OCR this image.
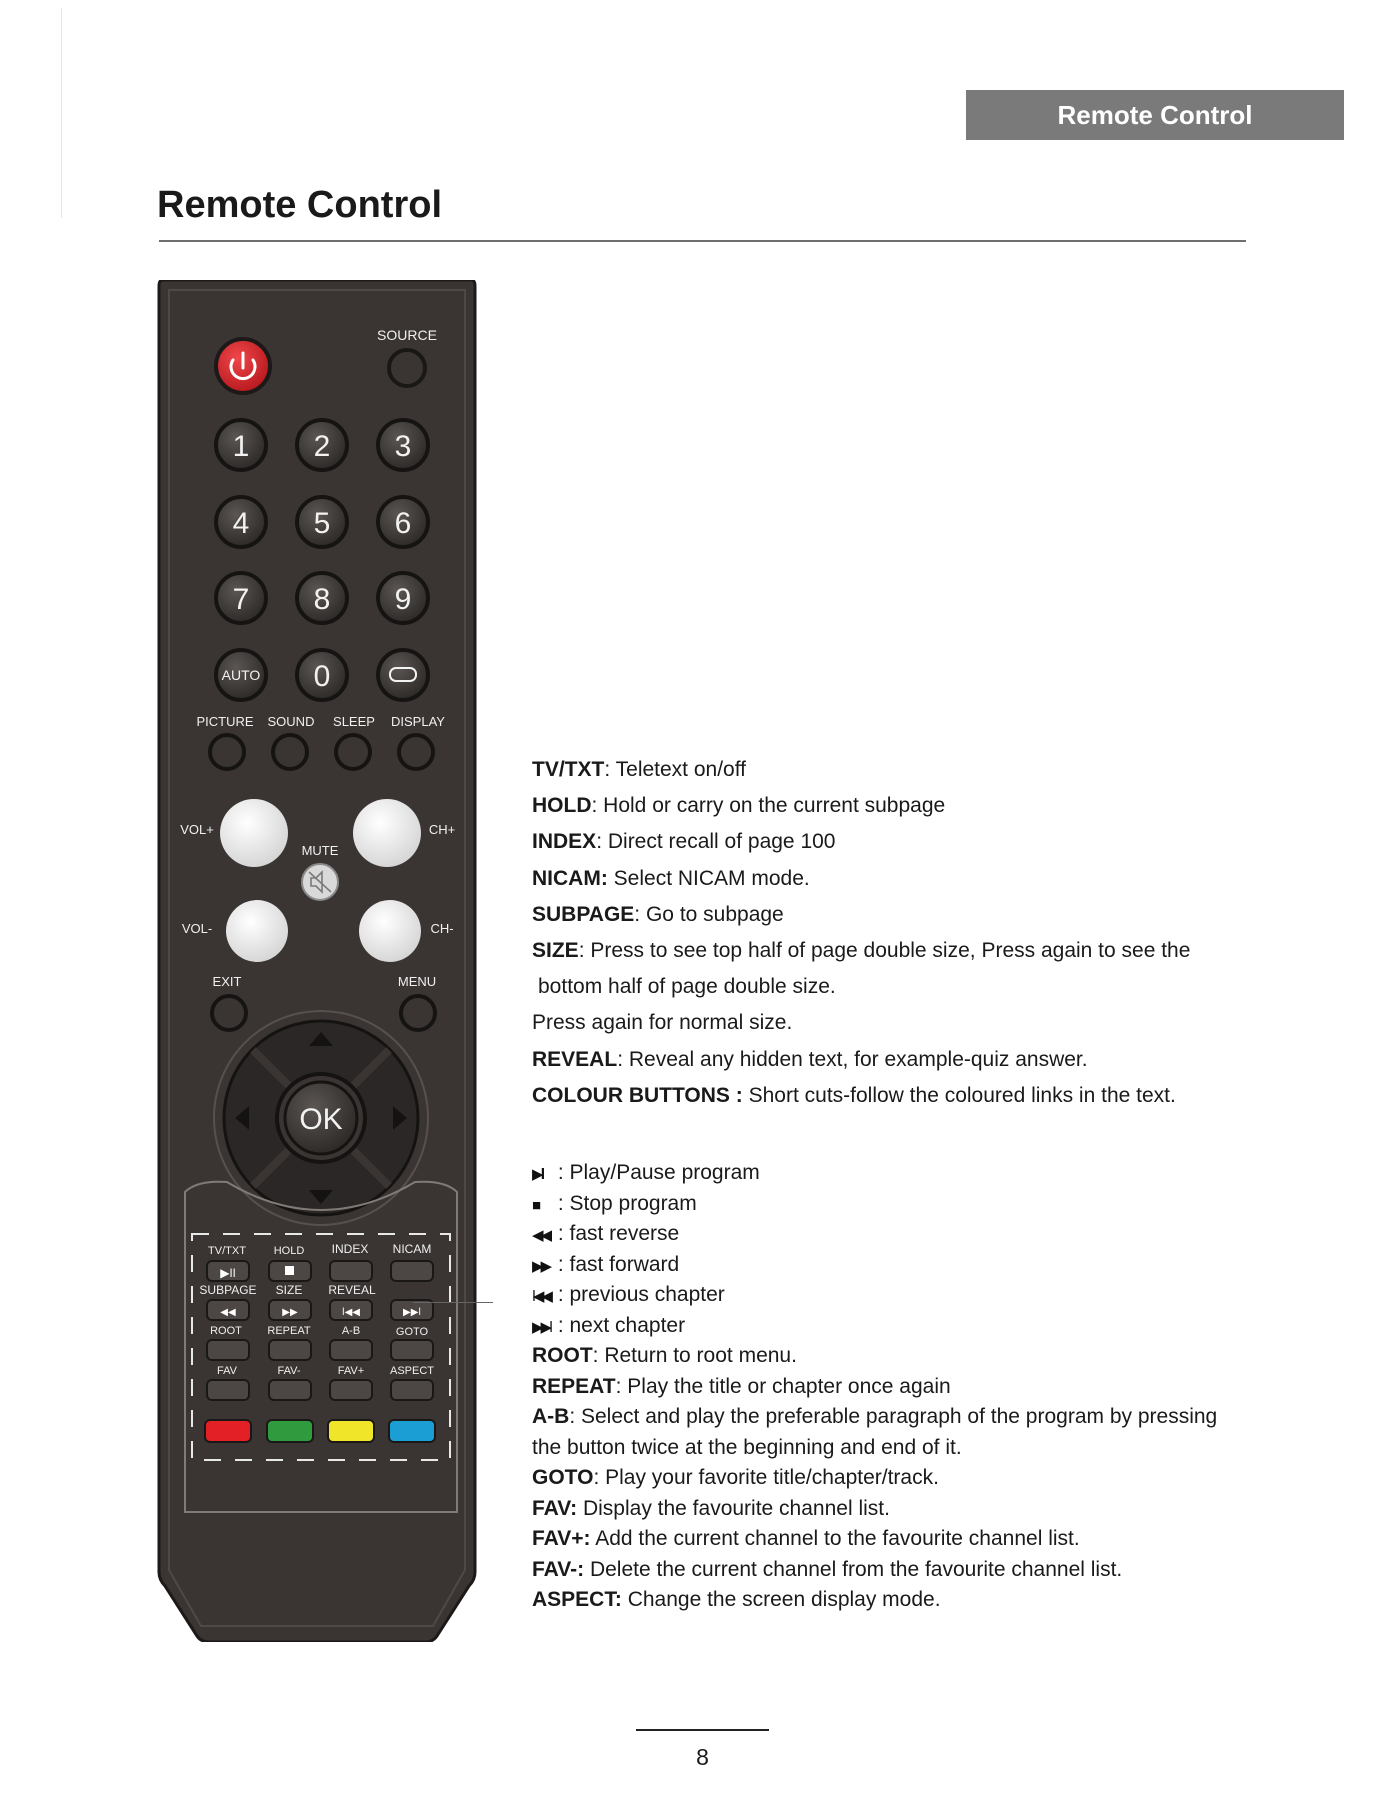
Remote Control
Remote Control
SOURCE
1 2 3
4 5 6
7 8 9
AUTO 0
PICTURE SOUND SLEEP DISPLAY
VOL+	CH+
MUTE
VOL-	CH-
EXIT	MENU
OK
TV/TXT	HOLD INDEX NICAM
▶ǀǀ
SUBPAGE SIZE REVEAL
◀◀	▶▶	ǀ◀◀	▶▶ǀ
ROOT REPEAT	A-B	GOTO
FAV	FAV-	FAV+ ASPECT

TV/TXT: Teletext on/off

HOLD: Hold or carry on the current subpage

INDEX: Direct recall of page 100

NICAM: Select NICAM mode.

SUBPAGE: Go to subpage

SIZE: Press to see top half of page double size, Press again to see the

bottom half of page double size.

Press again for normal size.

REVEAL: Reveal any hidden text, for example-quiz answer.

COLOUR BUTTONS : Short cuts-follow the coloured links in the text.

▶ǀǀ : Play/Pause program

■ : Stop program

◀◀ : fast reverse

▶▶ : fast forward

ǀ◀◀ : previous chapter

▶▶ǀ : next chapter

ROOT: Return to root menu.

REPEAT: Play the title or chapter once again

A-B: Select and play the preferable paragraph of the program by pressing

the button twice at the beginning and end of it.

GOTO: Play your favorite title/chapter/track.

FAV: Display the favourite channel list.

FAV+: Add the current channel to the favourite channel list.

FAV-: Delete the current channel from the favourite channel list.

ASPECT: Change the screen display mode.

8
